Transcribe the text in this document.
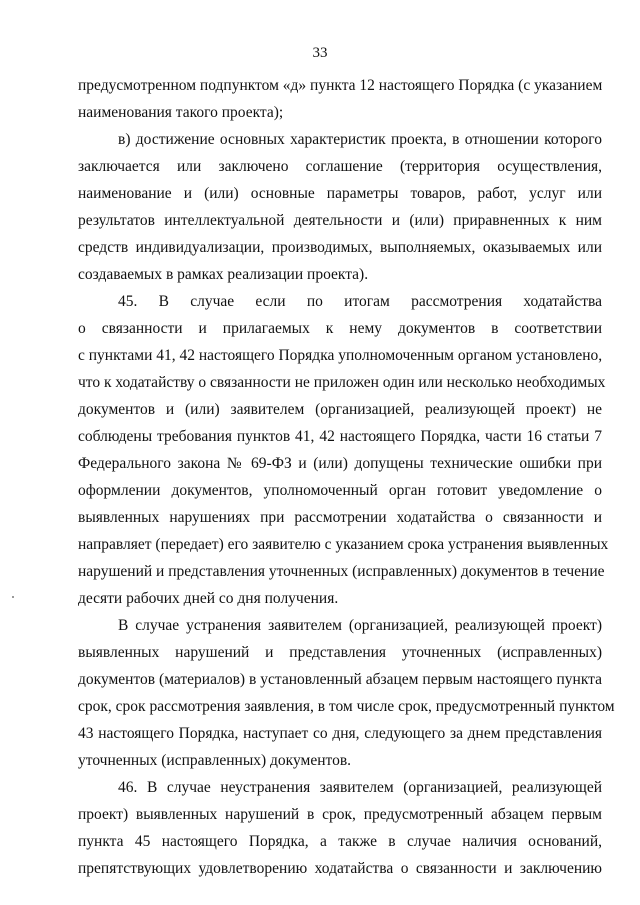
33

предусмотренном подпунктом «д» пункта 12 настоящего Порядка (с указанием
наименования такого проекта);

в) достижение основных характеристик проекта, в отношении которого
заключается или заключено соглашение (территория осуществления,
наименование и (или) основные параметры товаров, работ, услуг или
результатов интеллектуальной деятельности и (или) приравненных к ним
средств индивидуализации, производимых, выполняемых, оказываемых или
создаваемых в рамках реализации проекта).

45. В случае если по итогам рассмотрения ходатайства
о связанности и прилагаемых к нему документов в соответствии
с пунктами 41, 42 настоящего Порядка уполномоченным органом установлено,
что к ходатайству о связанности не приложен один или несколько необходимых
документов и (или) заявителем (организацией, реализующей проект) не
соблюдены требования пунктов 41, 42 настоящего Порядка, части 16 статьи 7
Федерального закона № 69-ФЗ и (или) допущены технические ошибки при
оформлении документов, уполномоченный орган готовит уведомление о
выявленных нарушениях при рассмотрении ходатайства о связанности и
направляет (передает) его заявителю с указанием срока устранения выявленных
нарушений и представления уточненных (исправленных) документов в течение
десяти рабочих дней со дня получения.

В случае устранения заявителем (организацией, реализующей проект)
выявленных нарушений и представления уточненных (исправленных)
документов (материалов) в установленный абзацем первым настоящего пункта
срок, срок рассмотрения заявления, в том числе срок, предусмотренный пунктом
43 настоящего Порядка, наступает со дня, следующего за днем представления
уточненных (исправленных) документов.

46. В случае неустранения заявителем (организацией, реализующей
проект) выявленных нарушений в срок, предусмотренный абзацем первым
пункта 45 настоящего Порядка, а также в случае наличия оснований,
препятствующих удовлетворению ходатайства о связанности и заключению
